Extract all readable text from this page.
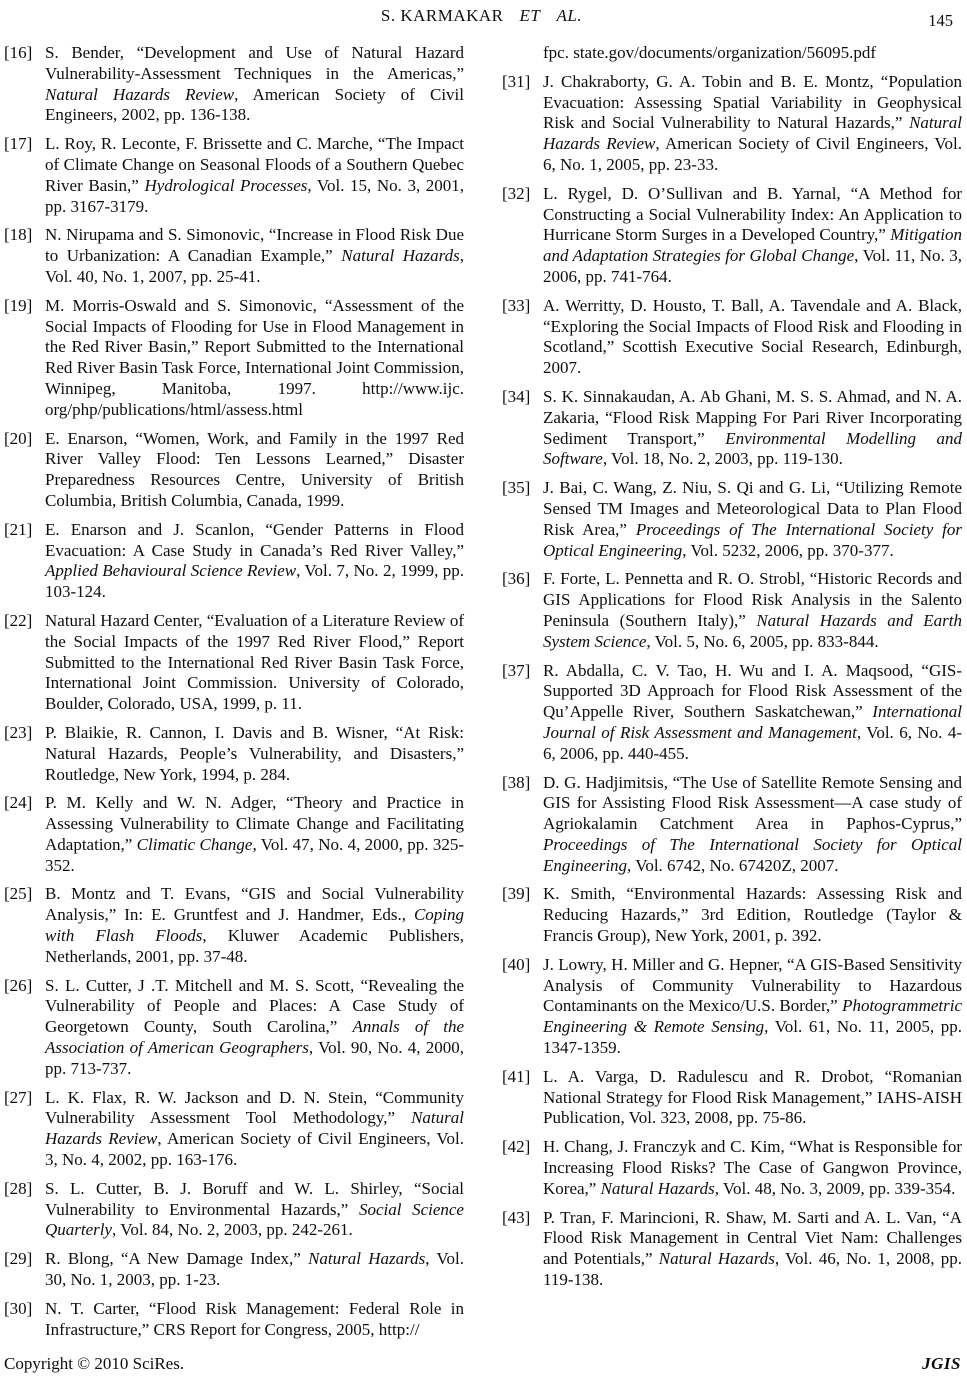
S. KARMAKAR ET AL.	145
[16] S. Bender, “Development and Use of Natural Hazard Vulnerability-Assessment Techniques in the Americas,” Natural Hazards Review, American Society of Civil Engineers, 2002, pp. 136-138.
[17] L. Roy, R. Leconte, F. Brissette and C. Marche, “The Impact of Climate Change on Seasonal Floods of a Southern Quebec River Basin,” Hydrological Processes, Vol. 15, No. 3, 2001, pp. 3167-3179.
[18] N. Nirupama and S. Simonovic, “Increase in Flood Risk Due to Urbanization: A Canadian Example,” Natural Hazards, Vol. 40, No. 1, 2007, pp. 25-41.
[19] M. Morris-Oswald and S. Simonovic, “Assessment of the Social Impacts of Flooding for Use in Flood Management in the Red River Basin,” Report Submitted to the International Red River Basin Task Force, International Joint Commission, Winnipeg, Manitoba, 1997. http://www.ijc. org/php/publications/html/assess.html
[20] E. Enarson, “Women, Work, and Family in the 1997 Red River Valley Flood: Ten Lessons Learned,” Disaster Preparedness Resources Centre, University of British Columbia, British Columbia, Canada, 1999.
[21] E. Enarson and J. Scanlon, “Gender Patterns in Flood Evacuation: A Case Study in Canada’s Red River Valley,” Applied Behavioural Science Review, Vol. 7, No. 2, 1999, pp. 103-124.
[22] Natural Hazard Center, “Evaluation of a Literature Review of the Social Impacts of the 1997 Red River Flood,” Report Submitted to the International Red River Basin Task Force, International Joint Commission. University of Colorado, Boulder, Colorado, USA, 1999, p. 11.
[23] P. Blaikie, R. Cannon, I. Davis and B. Wisner, “At Risk: Natural Hazards, People’s Vulnerability, and Disasters,” Routledge, New York, 1994, p. 284.
[24] P. M. Kelly and W. N. Adger, “Theory and Practice in Assessing Vulnerability to Climate Change and Facilitating Adaptation,” Climatic Change, Vol. 47, No. 4, 2000, pp. 325-352.
[25] B. Montz and T. Evans, “GIS and Social Vulnerability Analysis,” In: E. Gruntfest and J. Handmer, Eds., Coping with Flash Floods, Kluwer Academic Publishers, Netherlands, 2001, pp. 37-48.
[26] S. L. Cutter, J .T. Mitchell and M. S. Scott, “Revealing the Vulnerability of People and Places: A Case Study of Georgetown County, South Carolina,” Annals of the Association of American Geographers, Vol. 90, No. 4, 2000, pp. 713-737.
[27] L. K. Flax, R. W. Jackson and D. N. Stein, “Community Vulnerability Assessment Tool Methodology,” Natural Hazards Review, American Society of Civil Engineers, Vol. 3, No. 4, 2002, pp. 163-176.
[28] S. L. Cutter, B. J. Boruff and W. L. Shirley, “Social Vulnerability to Environmental Hazards,” Social Science Quarterly, Vol. 84, No. 2, 2003, pp. 242-261.
[29] R. Blong, “A New Damage Index,” Natural Hazards, Vol. 30, No. 1, 2003, pp. 1-23.
[30] N. T. Carter, “Flood Risk Management: Federal Role in Infrastructure,” CRS Report for Congress, 2005, http://
fpc. state.gov/documents/organization/56095.pdf
[31] J. Chakraborty, G. A. Tobin and B. E. Montz, “Population Evacuation: Assessing Spatial Variability in Geophysical Risk and Social Vulnerability to Natural Hazards,” Natural Hazards Review, American Society of Civil Engineers, Vol. 6, No. 1, 2005, pp. 23-33.
[32] L. Rygel, D. O’Sullivan and B. Yarnal, “A Method for Constructing a Social Vulnerability Index: An Application to Hurricane Storm Surges in a Developed Country,” Mitigation and Adaptation Strategies for Global Change, Vol. 11, No. 3, 2006, pp. 741-764.
[33] A. Werritty, D. Housto, T. Ball, A. Tavendale and A. Black, “Exploring the Social Impacts of Flood Risk and Flooding in Scotland,” Scottish Executive Social Research, Edinburgh, 2007.
[34] S. K. Sinnakaudan, A. Ab Ghani, M. S. S. Ahmad, and N. A. Zakaria, “Flood Risk Mapping For Pari River Incorporating Sediment Transport,” Environmental Modelling and Software, Vol. 18, No. 2, 2003, pp. 119-130.
[35] J. Bai, C. Wang, Z. Niu, S. Qi and G. Li, “Utilizing Remote Sensed TM Images and Meteorological Data to Plan Flood Risk Area,” Proceedings of The International Society for Optical Engineering, Vol. 5232, 2006, pp. 370-377.
[36] F. Forte, L. Pennetta and R. O. Strobl, “Historic Records and GIS Applications for Flood Risk Analysis in the Salento Peninsula (Southern Italy),” Natural Hazards and Earth System Science, Vol. 5, No. 6, 2005, pp. 833-844.
[37] R. Abdalla, C. V. Tao, H. Wu and I. A. Maqsood, “GIS-Supported 3D Approach for Flood Risk Assessment of the Qu’Appelle River, Southern Saskatchewan,” International Journal of Risk Assessment and Management, Vol. 6, No. 4-6, 2006, pp. 440-455.
[38] D. G. Hadjimitsis, “The Use of Satellite Remote Sensing and GIS for Assisting Flood Risk Assessment—A case study of Agriokalamin Catchment Area in Paphos-Cyprus,” Proceedings of The International Society for Optical Engineering, Vol. 6742, No. 67420Z, 2007.
[39] K. Smith, “Environmental Hazards: Assessing Risk and Reducing Hazards,” 3rd Edition, Routledge (Taylor & Francis Group), New York, 2001, p. 392.
[40] J. Lowry, H. Miller and G. Hepner, “A GIS-Based Sensitivity Analysis of Community Vulnerability to Hazardous Contaminants on the Mexico/U.S. Border,” Photogrammetric Engineering & Remote Sensing, Vol. 61, No. 11, 2005, pp. 1347-1359.
[41] L. A. Varga, D. Radulescu and R. Drobot, “Romanian National Strategy for Flood Risk Management,” IAHS-AISH Publication, Vol. 323, 2008, pp. 75-86.
[42] H. Chang, J. Franczyk and C. Kim, “What is Responsible for Increasing Flood Risks? The Case of Gangwon Province, Korea,” Natural Hazards, Vol. 48, No. 3, 2009, pp. 339-354.
[43] P. Tran, F. Marincioni, R. Shaw, M. Sarti and A. L. Van, “A Flood Risk Management in Central Viet Nam: Challenges and Potentials,” Natural Hazards, Vol. 46, No. 1, 2008, pp. 119-138.
Copyright © 2010 SciRes.	JGIS
